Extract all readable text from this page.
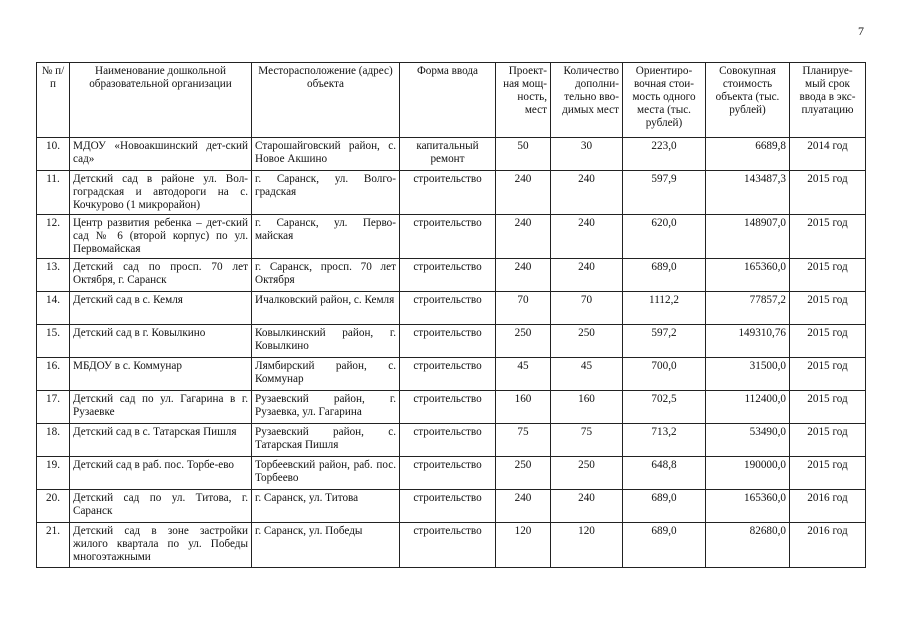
7
№ п/п	Наименование дошкольной образовательной организации	Месторасположение (адрес) объекта	Форма ввода	Проект-ная мощ-ность, мест	Количество дополни-тельно вво-димых мест	Ориентиро-вочная стои-мость одного места (тыс. рублей)	Совокупная стоимость объекта (тыс. рублей)	Планируе-мый срок ввода в экс-плуатацию
10.	МДОУ «Новоакшинский дет-ский сад»	Старошайговский район, с. Новое Акшино	капитальный ремонт	50	30	223,0	6689,8	2014 год
11.	Детский сад в районе ул. Вол-гоградская и автодороги на с. Кочкурово (1 микрорайон)	г. Саранск, ул. Волго-градская	строительство	240	240	597,9	143487,3	2015 год
12.	Центр развития ребенка – дет-ский сад № 6 (второй корпус) по ул. Первомайская	г. Саранск, ул. Перво-майская	строительство	240	240	620,0	148907,0	2015 год
13.	Детский сад по просп. 70 лет Октября, г. Саранск	г. Саранск, просп. 70 лет Октября	строительство	240	240	689,0	165360,0	2015 год
14.	Детский сад в с. Кемля	Ичалковский район, с. Кемля	строительство	70	70	1112,2	77857,2	2015 год
15.	Детский сад в г. Ковылкино	Ковылкинский район, г. Ковылкино	строительство	250	250	597,2	149310,76	2015 год
16.	МБДОУ в с. Коммунар	Лямбирский район, с. Коммунар	строительство	45	45	700,0	31500,0	2015 год
17.	Детский сад по ул. Гагарина в г. Рузаевке	Рузаевский район, г. Рузаевка, ул. Гагарина	строительство	160	160	702,5	112400,0	2015 год
18.	Детский сад в с. Татарская Пишля	Рузаевский район, с. Татарская Пишля	строительство	75	75	713,2	53490,0	2015 год
19.	Детский сад в раб. пос. Торбе-ево	Торбеевский район, раб. пос. Торбеево	строительство	250	250	648,8	190000,0	2015 год
20.	Детский сад по ул. Титова, г. Саранск	г. Саранск, ул. Титова	строительство	240	240	689,0	165360,0	2016 год
21.	Детский сад в зоне застройки жилого квартала по ул. Победы многоэтажными	г. Саранск, ул. Победы	строительство	120	120	689,0	82680,0	2016 год
